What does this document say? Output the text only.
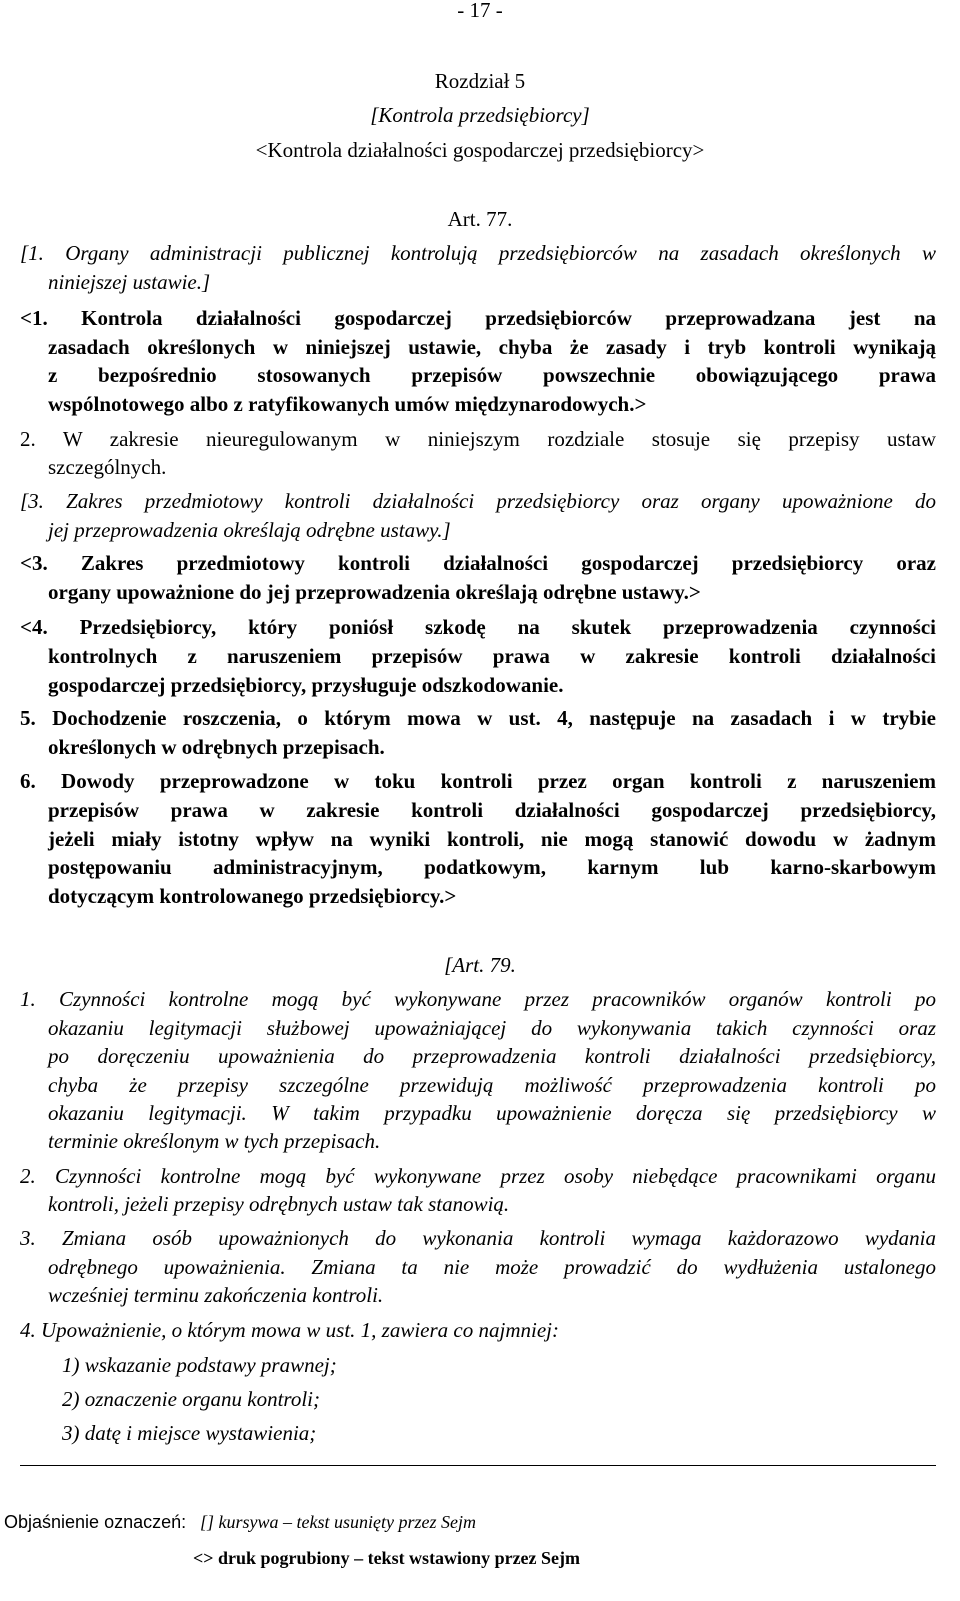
- 17 -
Rozdział 5
[Kontrola przedsiębiorcy]
<Kontrola działalności gospodarczej przedsiębiorcy>
Art. 77.
[1. Organy administracji publicznej kontrolują przedsiębiorców na zasadach określonych w
niniejszej ustawie.]
<1. Kontrola działalności gospodarczej przedsiębiorców przeprowadzana jest na
zasadach określonych w niniejszej ustawie, chyba że zasady i tryb kontroli wynikają
z bezpośrednio stosowanych przepisów powszechnie obowiązującego prawa
wspólnotowego albo z ratyfikowanych umów międzynarodowych.>
2. W zakresie nieuregulowanym w niniejszym rozdziale stosuje się przepisy ustaw
szczególnych.
[3. Zakres przedmiotowy kontroli działalności przedsiębiorcy oraz organy upoważnione do
jej przeprowadzenia określają odrębne ustawy.]
<3. Zakres przedmiotowy kontroli działalności gospodarczej przedsiębiorcy oraz
organy upoważnione do jej przeprowadzenia określają odrębne ustawy.>
<4. Przedsiębiorcy, który poniósł szkodę na skutek przeprowadzenia czynności
kontrolnych z naruszeniem przepisów prawa w zakresie kontroli działalności
gospodarczej przedsiębiorcy, przysługuje odszkodowanie.
5. Dochodzenie roszczenia, o którym mowa w ust. 4, następuje na zasadach i w trybie
określonych w odrębnych przepisach.
6. Dowody przeprowadzone w toku kontroli przez organ kontroli z naruszeniem
przepisów prawa w zakresie kontroli działalności gospodarczej przedsiębiorcy,
jeżeli miały istotny wpływ na wyniki kontroli, nie mogą stanowić dowodu w żadnym
postępowaniu administracyjnym, podatkowym, karnym lub karno-skarbowym
dotyczącym kontrolowanego przedsiębiorcy.>
[Art. 79.
1. Czynności kontrolne mogą być wykonywane przez pracowników organów kontroli po
okazaniu legitymacji służbowej upoważniającej do wykonywania takich czynności oraz
po doręczeniu upoważnienia do przeprowadzenia kontroli działalności przedsiębiorcy,
chyba że przepisy szczególne przewidują możliwość przeprowadzenia kontroli po
okazaniu legitymacji. W takim przypadku upoważnienie doręcza się przedsiębiorcy w
terminie określonym w tych przepisach.
2. Czynności kontrolne mogą być wykonywane przez osoby niebędące pracownikami organu
kontroli, jeżeli przepisy odrębnych ustaw tak stanowią.
3. Zmiana osób upoważnionych do wykonania kontroli wymaga każdorazowo wydania
odrębnego upoważnienia. Zmiana ta nie może prowadzić do wydłużenia ustalonego
wcześniej terminu zakończenia kontroli.
4. Upoważnienie, o którym mowa w ust. 1, zawiera co najmniej:
1) wskazanie podstawy prawnej;
2) oznaczenie organu kontroli;
3) datę i miejsce wystawienia;
Objaśnienie oznaczeń: [] kursywa – tekst usunięty przez Sejm
<> druk pogrubiony – tekst wstawiony przez Sejm
